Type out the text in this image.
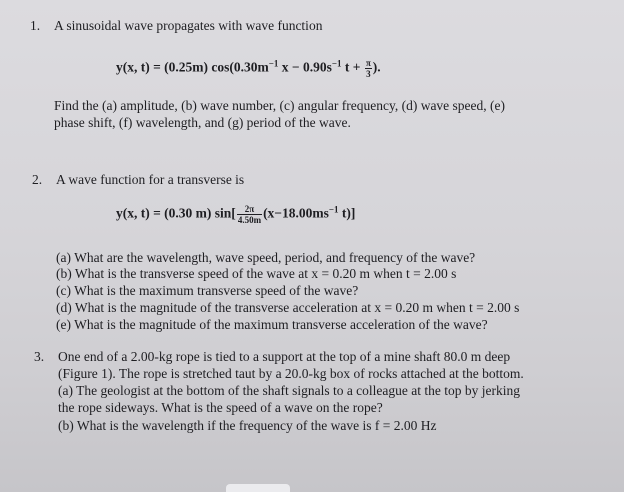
1. A sinusoidal wave propagates with wave function
y(x, t) = (0.25m) $\cos(0.30m^{-1}$ $x - 0.90s^{-1}$ $t + \frac{\pi}{3}$ ).
Find the (a) amplitude, (b) wave number, (c) angular frequency, (d) wave speed, (e)
phase shift, (f) wavelength, and (g) period of the wave.
2. A wave function for a transverse is
y(x, t) = (0.30 m) $\sin[ \frac{2\pi}{4.50m} (x-18.00ms^{-1}$ t)]
(a) What are the wavelength, wave speed, period, and frequency of the wave?
(b) What is the transverse speed of the wave at x = 0.20 m when t = 2.00 s
(c) What is the maximum transverse speed of the wave?
(d) What is the magnitude of the transverse acceleration at x = 0.20 m when t = 2.00 s
(e) What is the magnitude of the maximum transverse acceleration of the wave?
3. One end of a 2.00-kg rope is tied to a support at the top of a mine shaft 80.0 m deep
(Figure 1). The rope is stretched taut by a 20.0-kg box of rocks attached at the bottom.
(a) The geologist at the bottom of the shaft signals to a colleague at the top by jerking
the rope sideways. What is the speed of a wave on the rope?
(b) What is the wavelength if the frequency of the wave is f = 2.00 Hz
